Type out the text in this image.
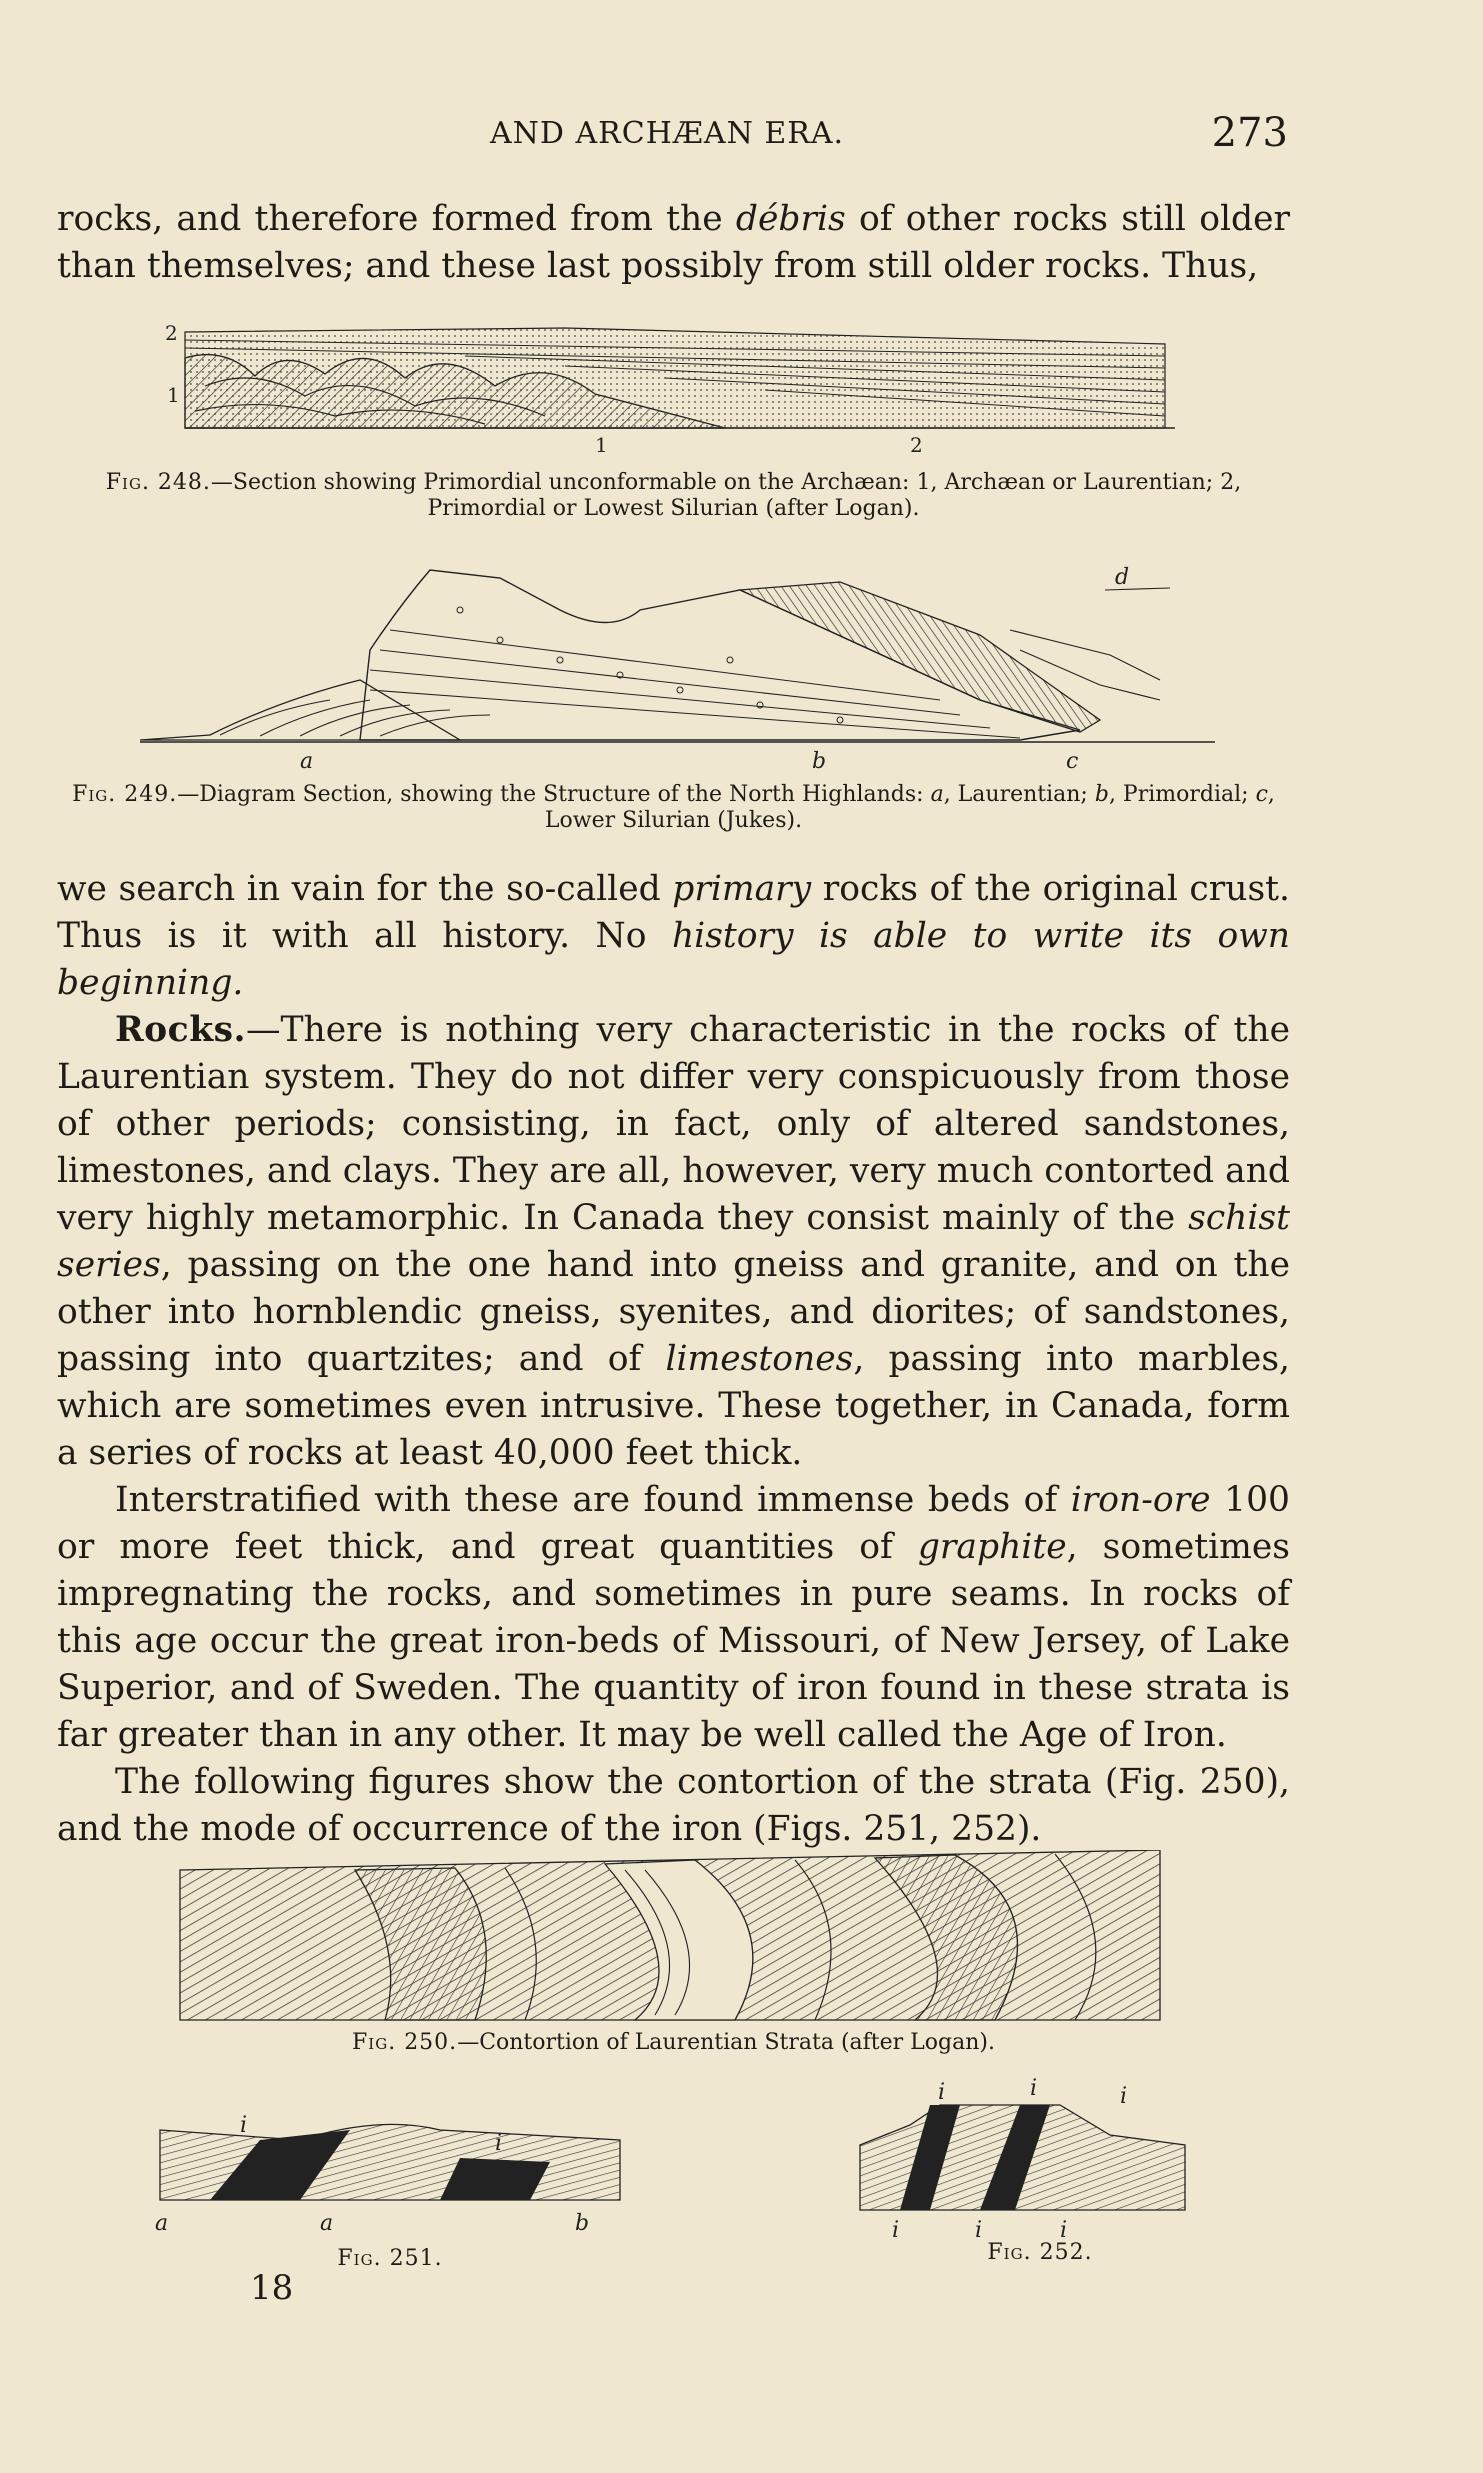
AND ARCHÆAN ERA.	273

rocks, and therefore formed from the débris of other rocks still older than themselves; and these last possibly from still older rocks. Thus,

2
1
1	2
Fig. 248.—Section showing Primordial unconformable on the Archæan: 1, Archæan or Laurentian; 2, Primordial or Lowest Silurian (after Logan).
a	b	c
d
Fig. 249.—Diagram Section, showing the Structure of the North Highlands: a, Laurentian; b, Primordial; c, Lower Silurian (Jukes).

we search in vain for the so-called primary rocks of the original crust. Thus is it with all history. No history is able to write its own beginning.

Rocks.—There is nothing very characteristic in the rocks of the Laurentian system. They do not differ very conspicuously from those of other periods; consisting, in fact, only of altered sandstones, limestones, and clays. They are all, however, very much contorted and very highly metamorphic. In Canada they consist mainly of the schist series, passing on the one hand into gneiss and granite, and on the other into hornblendic gneiss, syenites, and diorites; of sandstones, passing into quartzites; and of limestones, passing into marbles, which are sometimes even intrusive. These together, in Canada, form a series of rocks at least 40,000 feet thick.

Interstratified with these are found immense beds of iron-ore 100 or more feet thick, and great quantities of graphite, sometimes impregnating the rocks, and sometimes in pure seams. In rocks of this age occur the great iron-beds of Missouri, of New Jersey, of Lake Superior, and of Sweden. The quantity of iron found in these strata is far greater than in any other. It may be well called the Age of Iron.

The following figures show the contortion of the strata (Fig. 250), and the mode of occurrence of the iron (Figs. 251, 252).

Fig. 250.—Contortion of Laurentian Strata (after Logan).
i
i
a	a	b
Fig. 251.
i	i	i
i	i	i
Fig. 252.
18
